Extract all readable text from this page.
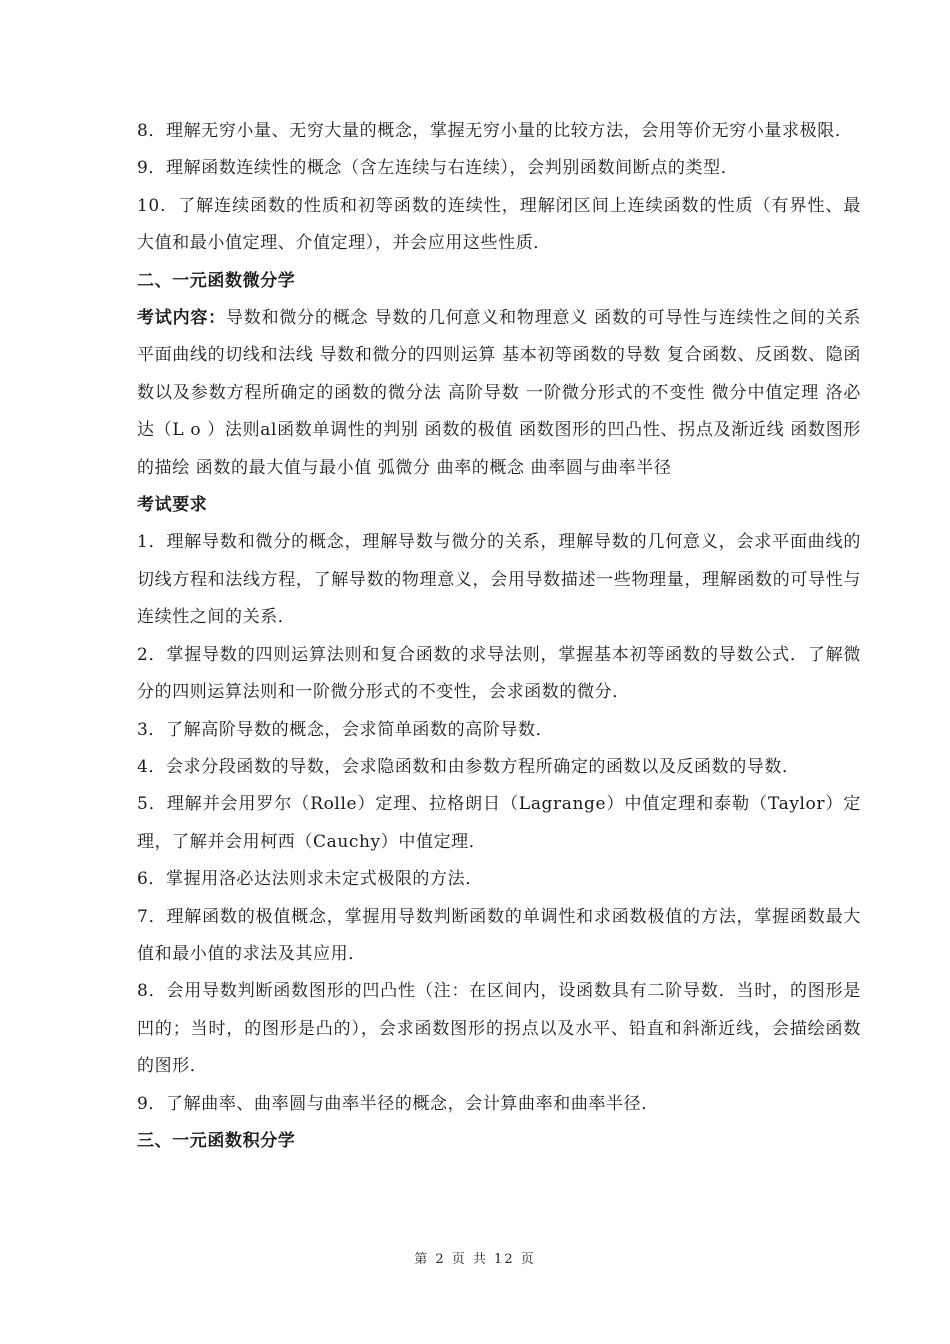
8．理解无穷小量、无穷大量的概念，掌握无穷小量的比较方法，会用等价无穷小量求极限．

9．理解函数连续性的概念（含左连续与右连续），会判别函数间断点的类型．

10．了解连续函数的性质和初等函数的连续性，理解闭区间上连续函数的性质（有界性、最大值和最小值定理、介值定理），并会应用这些性质．

二、一元函数微分学

考试内容：导数和微分的概念 导数的几何意义和物理意义 函数的可导性与连续性之间的关系 平面曲线的切线和法线 导数和微分的四则运算 基本初等函数的导数 复合函数、反函数、隐函数以及参数方程所确定的函数的微分法 高阶导数 一阶微分形式的不变性 微分中值定理 洛必达（L o ）法则al函数单调性的判别 函数的极值 函数图形的凹凸性、拐点及渐近线 函数图形的描绘 函数的最大值与最小值 弧微分 曲率的概念 曲率圆与曲率半径

考试要求

1．理解导数和微分的概念，理解导数与微分的关系，理解导数的几何意义，会求平面曲线的切线方程和法线方程，了解导数的物理意义，会用导数描述一些物理量，理解函数的可导性与连续性之间的关系．

2．掌握导数的四则运算法则和复合函数的求导法则，掌握基本初等函数的导数公式．了解微分的四则运算法则和一阶微分形式的不变性，会求函数的微分．

3．了解高阶导数的概念，会求简单函数的高阶导数．

4．会求分段函数的导数，会求隐函数和由参数方程所确定的函数以及反函数的导数．

5．理解并会用罗尔（Rolle）定理、拉格朗日（Lagrange）中值定理和泰勒（Taylor）定理，了解并会用柯西（Cauchy）中值定理．

6．掌握用洛必达法则求未定式极限的方法．

7．理解函数的极值概念，掌握用导数判断函数的单调性和求函数极值的方法，掌握函数最大值和最小值的求法及其应用．

8．会用导数判断函数图形的凹凸性（注：在区间内，设函数具有二阶导数．当时，的图形是凹的；当时，的图形是凸的），会求函数图形的拐点以及水平、铅直和斜渐近线，会描绘函数的图形．

9．了解曲率、曲率圆与曲率半径的概念，会计算曲率和曲率半径．

三、一元函数积分学

第 2 页 共 12 页
